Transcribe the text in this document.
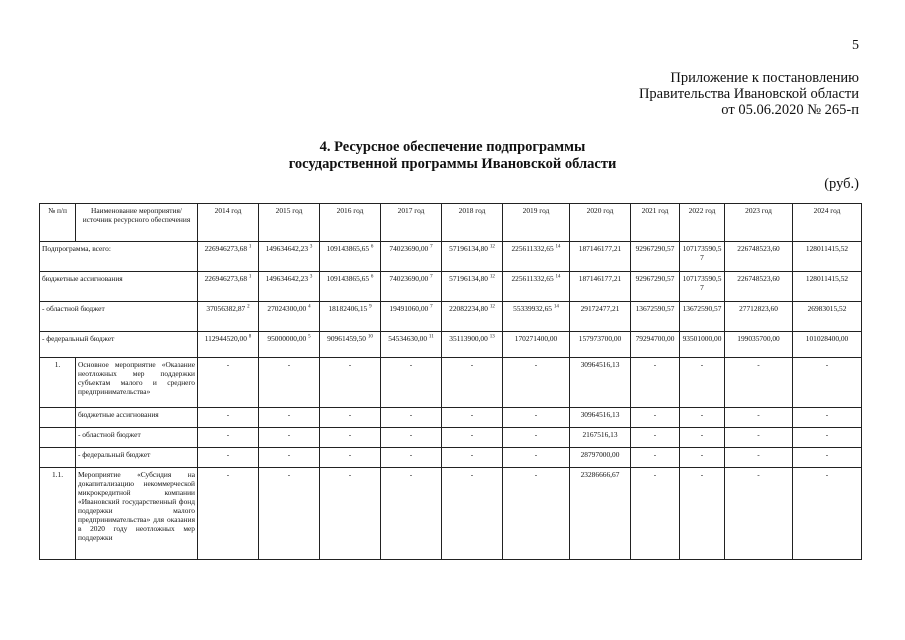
5
Приложение к постановлению
Правительства Ивановской области
от 05.06.2020 № 265-п
4. Ресурсное обеспечение подпрограммы
государственной программы Ивановской области
(руб.)
№ п/п	Наименование мероприятия/источник ресурсного обеспечения	2014 год	2015 год	2016 год	2017 год	2018 год	2019 год	2020 год	2021 год	2022 год	2023 год	2024 год
Подпрограмма, всего:		226946273,68 $^1$	149634642,23 $^3$	109143865,65 $^6$	74023690,00 $^7$	57196134,80 $^{12}$	225611332,65 $^{14}$	187146177,21	92967290,57	107173590,57	226748523,60	128011415,52
бюджетные ассигнования		226946273,68 $^1$	149634642,23 $^3$	109143865,65 $^6$	74023690,00 $^7$	57196134,80 $^{12}$	225611332,65 $^{14}$	187146177,21	92967290,57	107173590,57	226748523,60	128011415,52
- областной бюджет		37056382,87 $^2$	27024300,00 $^4$	18182406,15 $^9$	19491060,00 $^7$	22082234,80 $^{12}$	55339932,65 $^{14}$	29172477,21	13672590,57	13672590,57	27712823,60	26983015,52
- федеральный бюджет		112944520,00 $^8$	95000000,00 $^5$	90961459,50 $^{10}$	54534630,00 $^{11}$	35113900,00 $^{13}$	170271400,00	157973700,00	79294700,00	93501000,00	199035700,00	101028400,00
1.	Основное мероприятие «Оказание неотложных мер поддержки субъектам малого и среднего предпринимательства»	-	-	-	-	-	-	30964516,13	-	-	-	-
	бюджетные ассигнования	-	-	-	-	-	-	30964516,13	-	-	-	-
	- областной бюджет	-	-	-	-	-	-	2167516,13	-	-	-	-
	- федеральный бюджет	-	-	-	-	-	-	28797000,00	-	-	-	-
1.1.	Мероприятие «Субсидия на докапитализацию некоммерческой микрокредитной компании «Ивановский государственный фонд поддержки малого предпринимательства» для оказания в 2020 году неотложных мер поддержки	-	-	-	-	-	-	23286666,67	-	-	-	-
